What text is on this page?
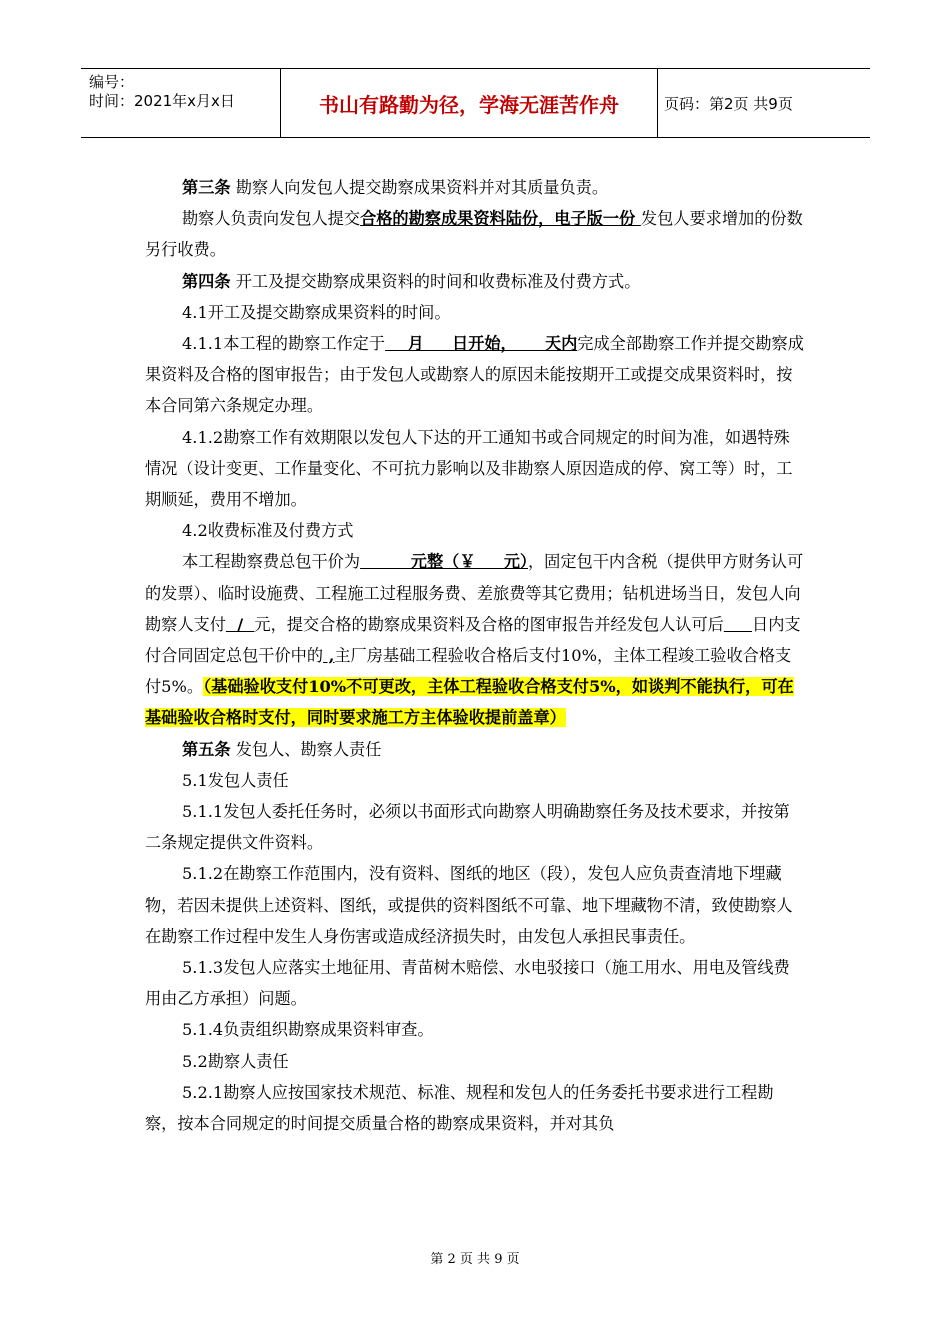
编号：
时间：2021年x月x日	书山有路勤为径，学海无涯苦作舟	页码：第2页 共9页

第三条 勘察人向发包人提交勘察成果资料并对其质量负责。

勘察人负责向发包人提交合格的勘察成果资料陆份，电子版一份 发包人要求增加的份数另行收费。

第四条 开工及提交勘察成果资料的时间和收费标准及付费方式。

4.1开工及提交勘察成果资料的时间。

4.1.1本工程的勘察工作定于    月     日开始，     天内完成全部勘察工作并提交勘察成果资料及合格的图审报告；由于发包人或勘察人的原因未能按期开工或提交成果资料时，按本合同第六条规定办理。

4.1.2勘察工作有效期限以发包人下达的开工通知书或合同规定的时间为准，如遇特殊情况（设计变更、工作量变化、不可抗力影响以及非勘察人原因造成的停、窝工等）时，工期顺延，费用不增加。

4.2收费标准及付费方式

本工程勘察费总包干价为         元整（￥     元），固定包干内含税（提供甲方财务认可的发票）、临时设施费、工程施工过程服务费、差旅费等其它费用；钻机进场当日，发包人向勘察人支付  /  元，提交合格的勘察成果资料及合格的图审报告并经发包人认可后 日内支付合同固定总包干价中的 ,主厂房基础工程验收合格后支付10%，主体工程竣工验收合格支付5%。（基础验收支付10%不可更改，主体工程验收合格支付5%，如谈判不能执行，可在基础验收合格时支付，同时要求施工方主体验收提前盖章）

第五条 发包人、勘察人责任

5.1发包人责任

5.1.1发包人委托任务时，必须以书面形式向勘察人明确勘察任务及技术要求，并按第二条规定提供文件资料。

5.1.2在勘察工作范围内，没有资料、图纸的地区（段），发包人应负责查清地下埋藏物，若因未提供上述资料、图纸，或提供的资料图纸不可靠、地下埋藏物不清，致使勘察人在勘察工作过程中发生人身伤害或造成经济损失时，由发包人承担民事责任。

5.1.3发包人应落实土地征用、青苗树木赔偿、水电驳接口（施工用水、用电及管线费用由乙方承担）问题。

5.1.4负责组织勘察成果资料审查。

5.2勘察人责任

5.2.1勘察人应按国家技术规范、标准、规程和发包人的任务委托书要求进行工程勘察，按本合同规定的时间提交质量合格的勘察成果资料，并对其负

第 2 页 共 9 页
